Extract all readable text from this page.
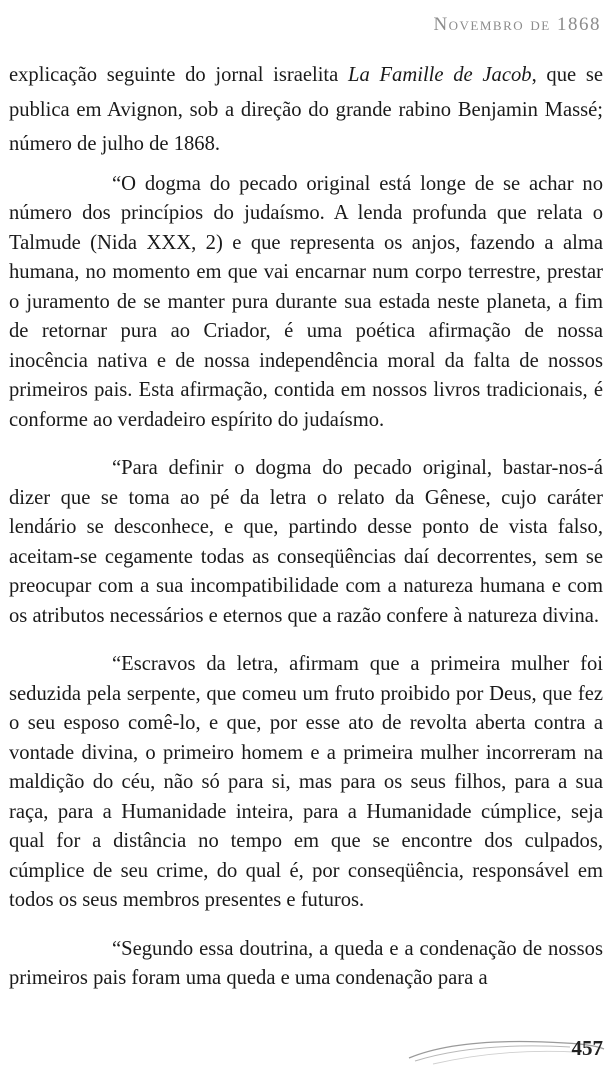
Novembro de 1868

explicação seguinte do jornal israelita La Famille de Jacob, que se publica em Avignon, sob a direção do grande rabino Benjamin Massé; número de julho de 1868.

“O dogma do pecado original está longe de se achar no número dos princípios do judaísmo. A lenda profunda que relata o Talmude (Nida XXX, 2) e que representa os anjos, fazendo a alma humana, no momento em que vai encarnar num corpo terrestre, prestar o juramento de se manter pura durante sua estada neste planeta, a fim de retornar pura ao Criador, é uma poética afirmação de nossa inocência nativa e de nossa independência moral da falta de nossos primeiros pais. Esta afirmação, contida em nossos livros tradicionais, é conforme ao verdadeiro espírito do judaísmo.

“Para definir o dogma do pecado original, bastar-nos-á dizer que se toma ao pé da letra o relato da Gênese, cujo caráter lendário se desconhece, e que, partindo desse ponto de vista falso, aceitam-se cegamente todas as conseqüências daí decorrentes, sem se preocupar com a sua incompatibilidade com a natureza humana e com os atributos necessários e eternos que a razão confere à natureza divina.

“Escravos da letra, afirmam que a primeira mulher foi seduzida pela serpente, que comeu um fruto proibido por Deus, que fez o seu esposo comê-lo, e que, por esse ato de revolta aberta contra a vontade divina, o primeiro homem e a primeira mulher incorreram na maldição do céu, não só para si, mas para os seus filhos, para a sua raça, para a Humanidade inteira, para a Humanidade cúmplice, seja qual for a distância no tempo em que se encontre dos culpados, cúmplice de seu crime, do qual é, por conseqüência, responsável em todos os seus membros presentes e futuros.

“Segundo essa doutrina, a queda e a condenação de nossos primeiros pais foram uma queda e uma condenação para a

457
